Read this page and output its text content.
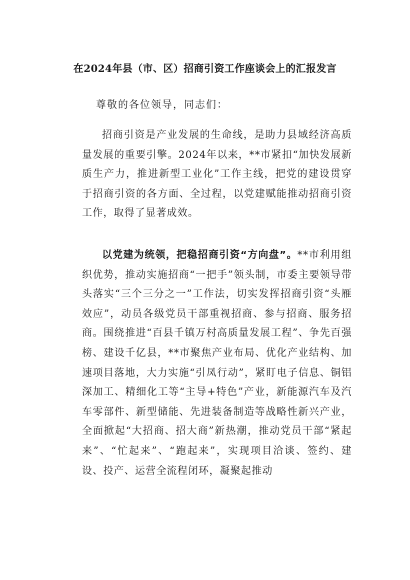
在2024年县（市、区）招商引资工作座谈会上的汇报发言
尊敬的各位领导，同志们：

招商引资是产业发展的生命线，是助力县域经济高质量发展的重要引擎。2024年以来，**市紧扣“加快发展新质生产力，推进新型工业化”工作主线，把党的建设贯穿于招商引资的各方面、全过程，以党建赋能推动招商引资工作，取得了显著成效。

以党建为统领，把稳招商引资“方向盘”。**市利用组织优势，推动实施招商“一把手”领头制，市委主要领导带头落实“三个三分之一”工作法，切实发挥招商引资“头雁效应”，动员各级党员干部重视招商、参与招商、服务招商。围绕推进“百县千镇万村高质量发展工程”、争先百强榜、建设千亿县，**市聚焦产业布局、优化产业结构、加速项目落地，大力实施“引凤行动”，紧盯电子信息、铜铝深加工、精细化工等“主导+特色”产业，新能源汽车及汽车零部件、新型储能、先进装备制造等战略性新兴产业，全面掀起“大招商、招大商”新热潮，推动党员干部“紧起来”、“忙起来”、“跑起来”，实现项目洽谈、签约、建设、投产、运营全流程闭环，凝聚起推动
